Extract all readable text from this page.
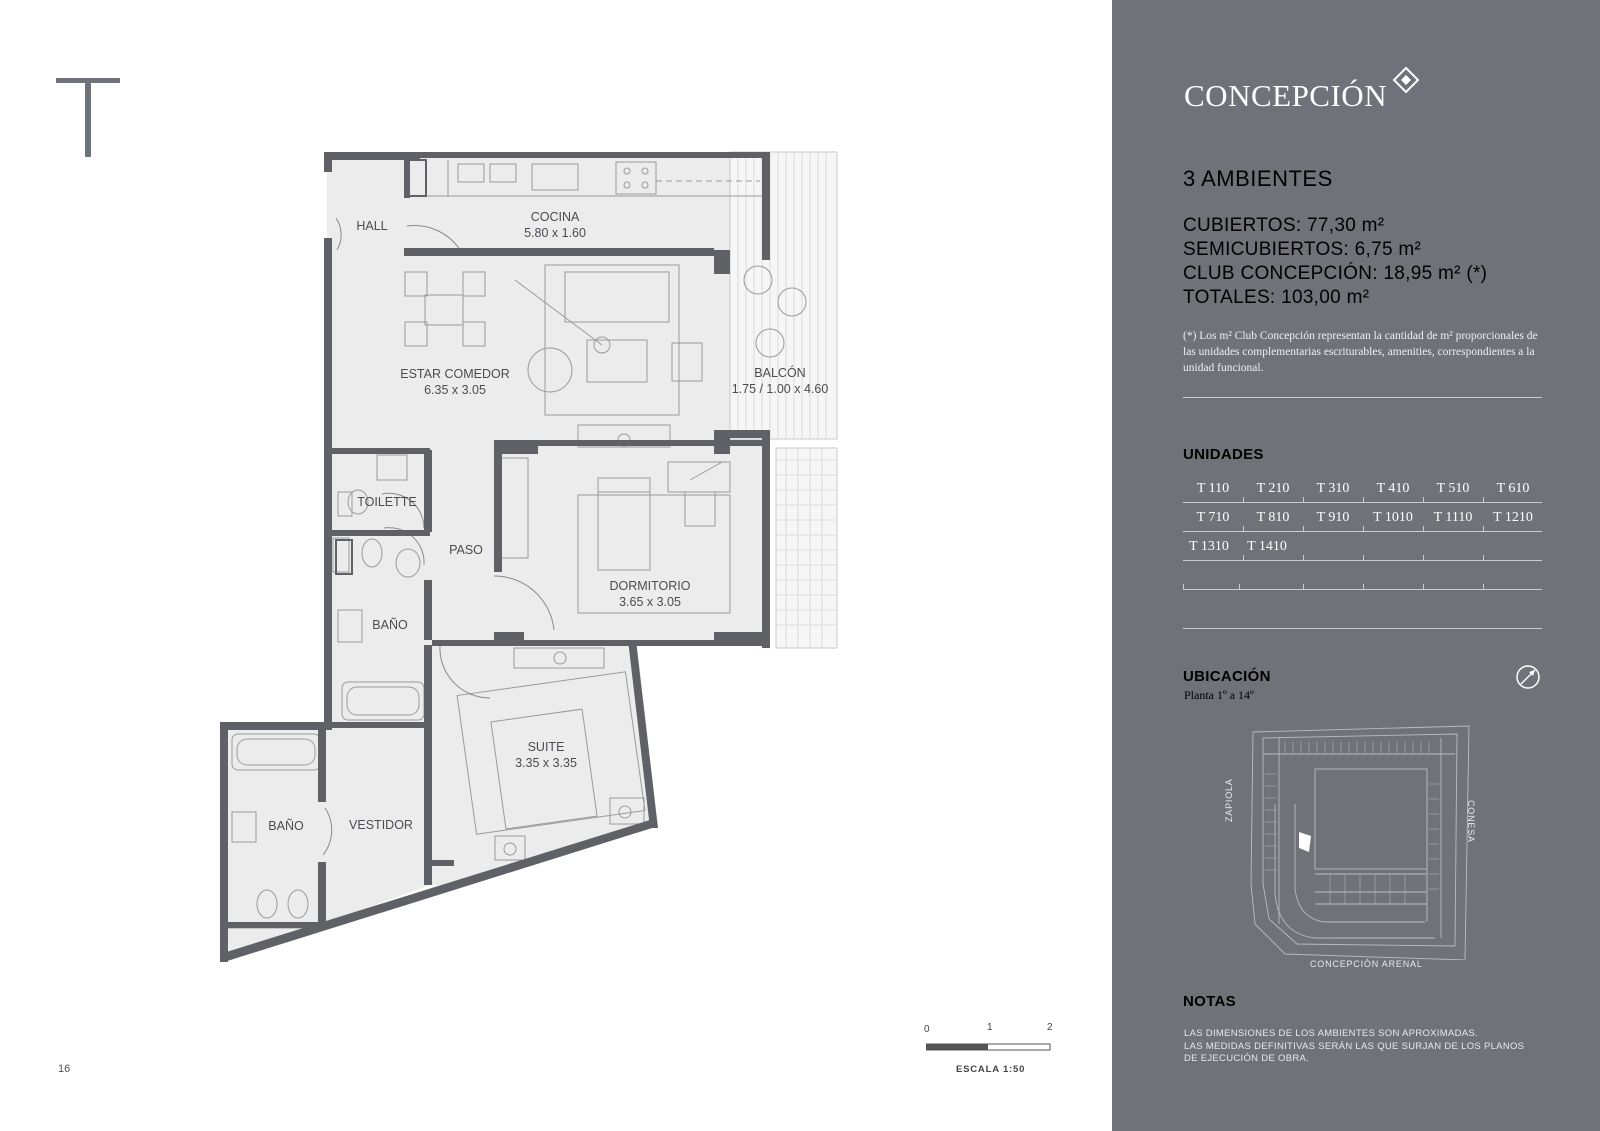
HALL
COCINA
5.80 x 1.60
ESTAR COMEDOR
6.35 x 3.05
BALCÓN
1.75 / 1.00 x 4.60
TOILETTE
PASO
DORMITORIO
3.65 x 3.05
BAÑO
SUITE
3.35 x 3.35
BAÑO	VESTIDOR
0	1	2
ESCALA 1:50
16
CONCEPCIÓN
3 AMBIENTES
CUBIERTOS: 77,30 m²
SEMICUBIERTOS: 6,75 m²
CLUB CONCEPCIÓN: 18,95 m² (*)
TOTALES: 103,00 m²
(*) Los m² Club Concepción representan la cantidad de m² proporcionales de las unidades complementarias escriturables, amenities, correspondientes a la unidad funcional.
UNIDADES
T 110	T 210	T 310	T 410	T 510	T 610
T 710	T 810	T 910	T 1010	T 1110	T 1210
T 1310	T 1410
UBICACIÓN
Planta 1º a 14º
ZAPIOLA	CONESA
CONCEPCIÓN ARENAL
NOTAS
LAS DIMENSIONES DE LOS AMBIENTES SON APROXIMADAS.
LAS MEDIDAS DEFINITIVAS SERÁN LAS QUE SURJAN DE LOS PLANOS
DE EJECUCIÓN DE OBRA.
